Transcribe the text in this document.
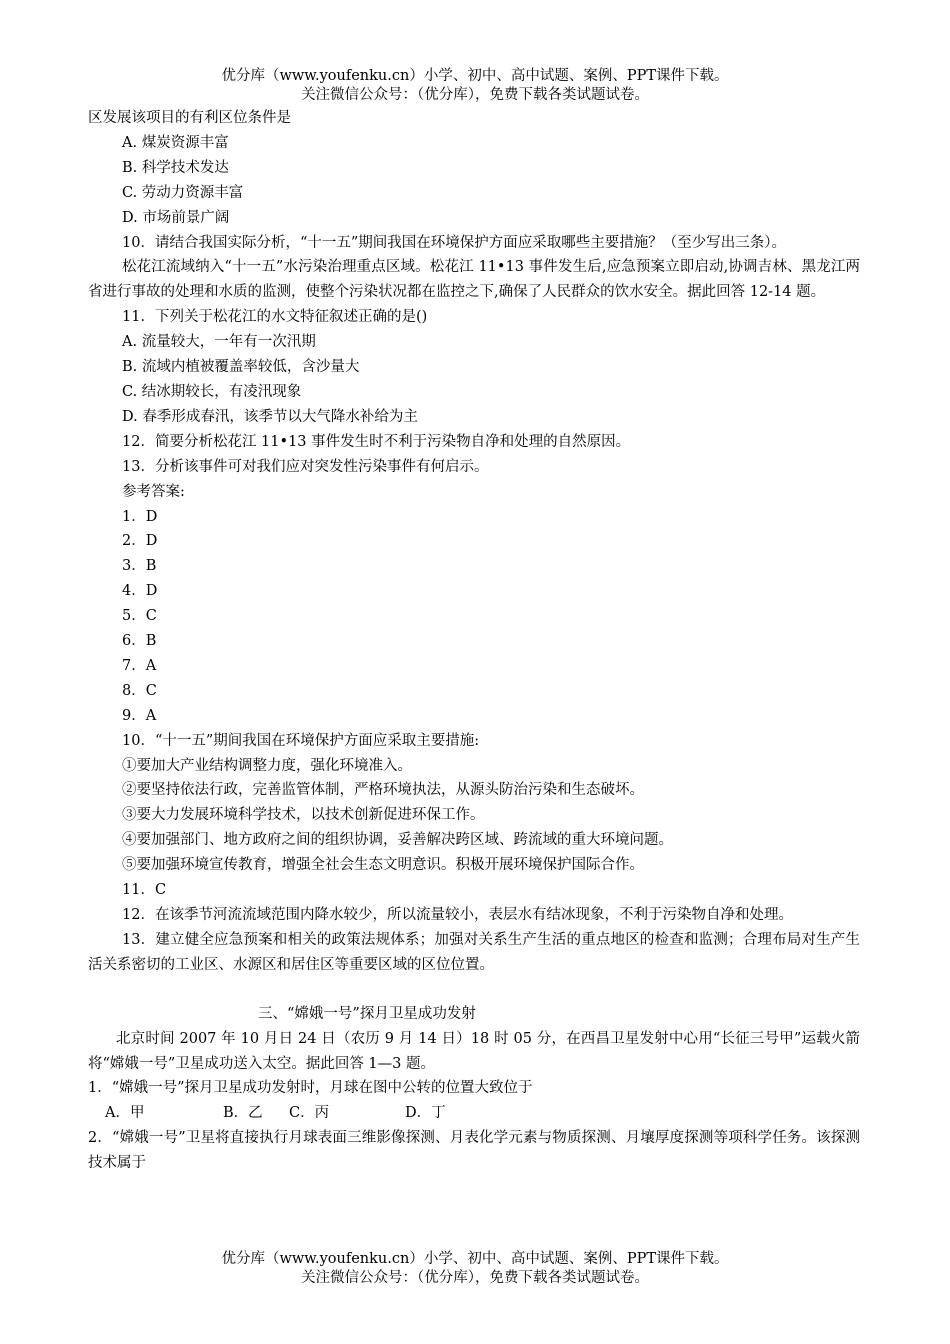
优分库（www.youfenku.cn）小学、初中、高中试题、案例、PPT课件下载。
关注微信公众号：（优分库），免费下载各类试题试卷。

区发展该项目的有利区位条件是

A. 煤炭资源丰富

B. 科学技术发达

C. 劳动力资源丰富

D. 市场前景广阔

10．请结合我国实际分析，“十一五”期间我国在环境保护方面应采取哪些主要措施？（至少写出三条）。

松花江流域纳入“十一五”水污染治理重点区域。松花江 11•13 事件发生后,应急预案立即启动,协调吉林、黑龙江两省进行事故的处理和水质的监测，使整个污染状况都在监控之下,确保了人民群众的饮水安全。据此回答 12-14 题。

11．下列关于松花江的水文特征叙述正确的是()

A. 流量较大，一年有一次汛期

B. 流域内植被覆盖率较低，含沙量大

C. 结冰期较长，有凌汛现象

D. 春季形成春汛，该季节以大气降水补给为主

12．简要分析松花江 11•13 事件发生时不利于污染物自净和处理的自然原因。

13．分析该事件可对我们应对突发性污染事件有何启示。

参考答案:

1．D

2．D

3．B

4．D

5．C

6．B

7．A

8．C

9．A

10．“十一五”期间我国在环境保护方面应采取主要措施:

①要加大产业结构调整力度，强化环境准入。

②要坚持依法行政，完善监管体制，严格环境执法，从源头防治污染和生态破坏。

③要大力发展环境科学技术，以技术创新促进环保工作。

④要加强部门、地方政府之间的组织协调，妥善解决跨区域、跨流域的重大环境问题。

⑤要加强环境宣传教育，增强全社会生态文明意识。积极开展环境保护国际合作。

11．C

12．在该季节河流流域范围内降水较少，所以流量较小，表层水有结冰现象，不利于污染物自净和处理。

13．建立健全应急预案和相关的政策法规体系；加强对关系生产生活的重点地区的检查和监测；合理布局对生产生活关系密切的工业区、水源区和居住区等重要区域的区位位置。

三、“嫦娥一号”探月卫星成功发射

北京时间 2007 年 10 月日 24 日（农历 9 月 14 日）18 时 05 分，在西昌卫星发射中心用“长征三号甲”运载火箭将“嫦娥一号”卫星成功送入太空。据此回答 1—3 题。

1．“嫦娥一号”探月卫星成功发射时，月球在图中公转的位置大致位于

A．甲	B．乙	C．丙	D．丁

2．“嫦娥一号”卫星将直接执行月球表面三维影像探测、月表化学元素与物质探测、月壤厚度探测等项科学任务。该探测技术属于

优分库（www.youfenku.cn）小学、初中、高中试题、案例、PPT课件下载。
关注微信公众号：（优分库），免费下载各类试题试卷。
